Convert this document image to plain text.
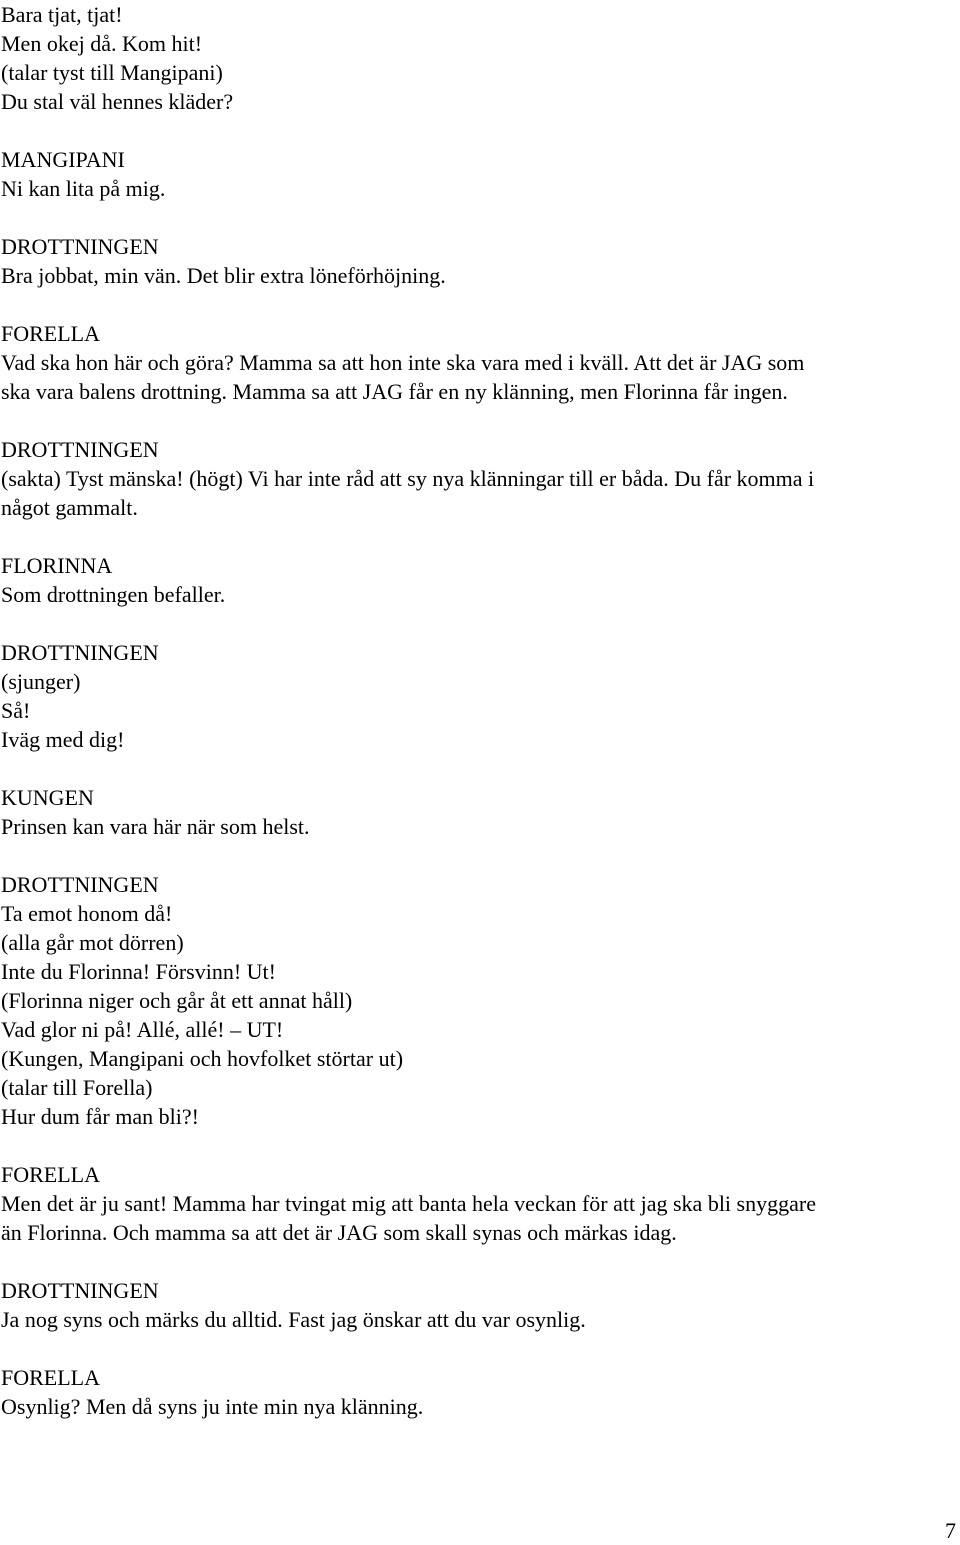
Bara tjat, tjat!
Men okej då. Kom hit!
(talar tyst till Mangipani)
Du stal väl hennes kläder?
MANGIPANI
Ni kan lita på mig.
DROTTNINGEN
Bra jobbat, min vän. Det blir extra löneförhöjning.
FORELLA
Vad ska hon här och göra? Mamma sa att hon inte ska vara med i kväll. Att det är JAG som
ska vara balens drottning. Mamma sa att JAG får en ny klänning, men Florinna får ingen.
DROTTNINGEN
(sakta) Tyst mänska! (högt) Vi har inte råd att sy nya klänningar till er båda. Du får komma i
något gammalt.
FLORINNA
Som drottningen befaller.
DROTTNINGEN
(sjunger)
Så!
Iväg med dig!
KUNGEN
Prinsen kan vara här när som helst.
DROTTNINGEN
Ta emot honom då!
(alla går mot dörren)
Inte du Florinna! Försvinn! Ut!
(Florinna niger och går åt ett annat håll)
Vad glor ni på! Allé, allé! – UT!
(Kungen, Mangipani och hovfolket störtar ut)
(talar till Forella)
Hur dum får man bli?!
FORELLA
Men det är ju sant! Mamma har tvingat mig att banta hela veckan för att jag ska bli snyggare
än Florinna. Och mamma sa att det är JAG som skall synas och märkas idag.
DROTTNINGEN
Ja nog syns och märks du alltid. Fast jag önskar att du var osynlig.
FORELLA
Osynlig? Men då syns ju inte min nya klänning.
7
